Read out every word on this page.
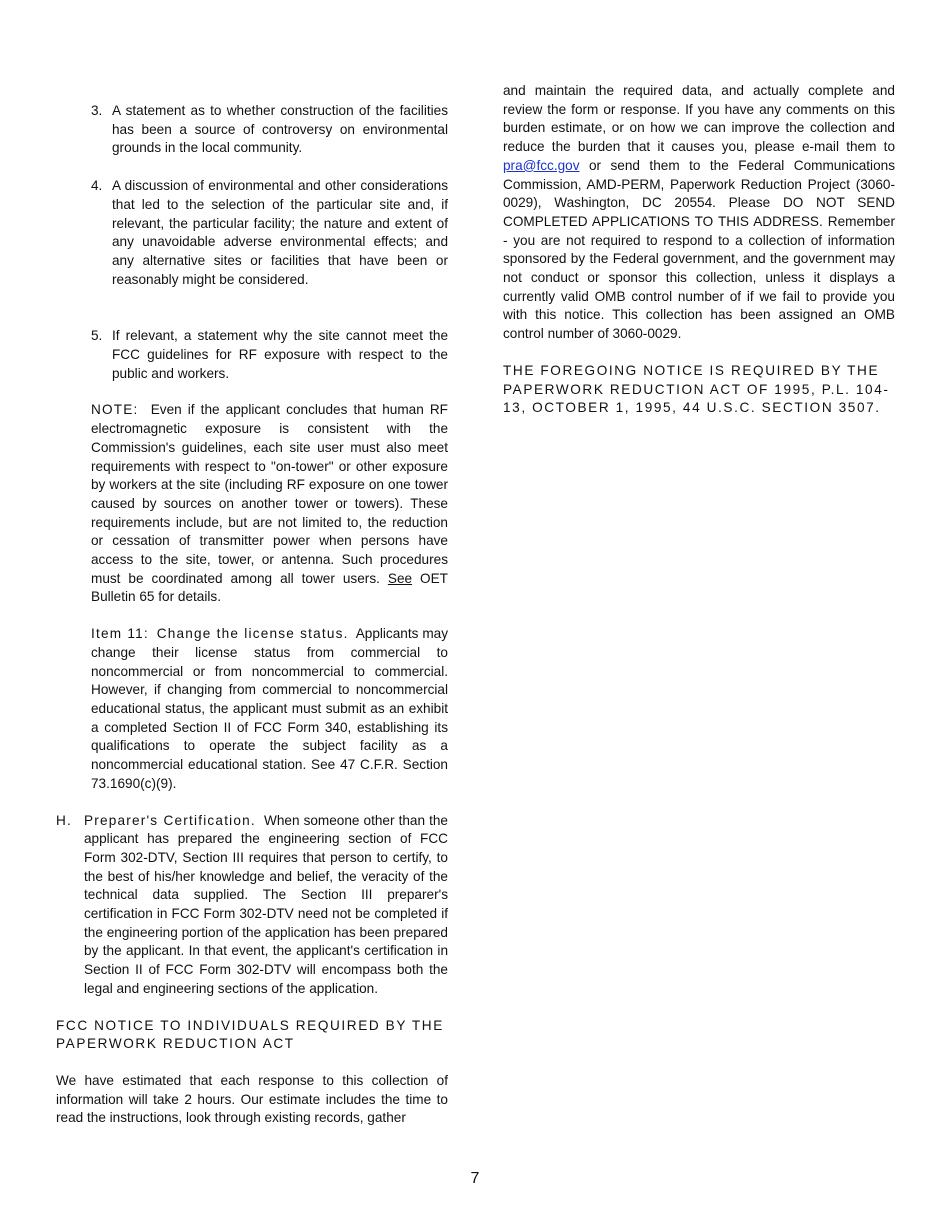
3. A statement as to whether construction of the facilities has been a source of controversy on environmental grounds in the local community.

4. A discussion of environmental and other considerations that led to the selection of the particular site and, if relevant, the particular facility; the nature and extent of any unavoidable adverse environmental effects; and any alternative sites or facilities that have been or reasonably might be considered.

5. If relevant, a statement why the site cannot meet the FCC guidelines for RF exposure with respect to the public and workers.

NOTE: Even if the applicant concludes that human RF electromagnetic exposure is consistent with the Commission's guidelines, each site user must also meet requirements with respect to "on-tower" or other exposure by workers at the site (including RF exposure on one tower caused by sources on another tower or towers). These requirements include, but are not limited to, the reduction or cessation of transmitter power when persons have access to the site, tower, or antenna. Such procedures must be coordinated among all tower users. See OET Bulletin 65 for details.

Item 11: Change the license status. Applicants may change their license status from commercial to noncommercial or from noncommercial to commercial. However, if changing from commercial to noncommercial educational status, the applicant must submit as an exhibit a completed Section II of FCC Form 340, establishing its qualifications to operate the subject facility as a noncommercial educational station. See 47 C.F.R. Section 73.1690(c)(9).

H. Preparer's Certification. When someone other than the applicant has prepared the engineering section of FCC Form 302-DTV, Section III requires that person to certify, to the best of his/her knowledge and belief, the veracity of the technical data supplied. The Section III preparer's certification in FCC Form 302-DTV need not be completed if the engineering portion of the application has been prepared by the applicant. In that event, the applicant's certification in Section II of FCC Form 302-DTV will encompass both the legal and engineering sections of the application.

FCC NOTICE TO INDIVIDUALS REQUIRED BY THE PAPERWORK REDUCTION ACT

We have estimated that each response to this collection of information will take 2 hours. Our estimate includes the time to read the instructions, look through existing records, gather

and maintain the required data, and actually complete and review the form or response. If you have any comments on this burden estimate, or on how we can improve the collection and reduce the burden that it causes you, please e-mail them to pra@fcc.gov or send them to the Federal Communications Commission, AMD-PERM, Paperwork Reduction Project (3060-0029), Washington, DC 20554. Please DO NOT SEND COMPLETED APPLICATIONS TO THIS ADDRESS. Remember - you are not required to respond to a collection of information sponsored by the Federal government, and the government may not conduct or sponsor this collection, unless it displays a currently valid OMB control number of if we fail to provide you with this notice. This collection has been assigned an OMB control number of 3060-0029.

THE FOREGOING NOTICE IS REQUIRED BY THE PAPERWORK REDUCTION ACT OF 1995, P.L. 104-13, OCTOBER 1, 1995, 44 U.S.C. SECTION 3507.

7
